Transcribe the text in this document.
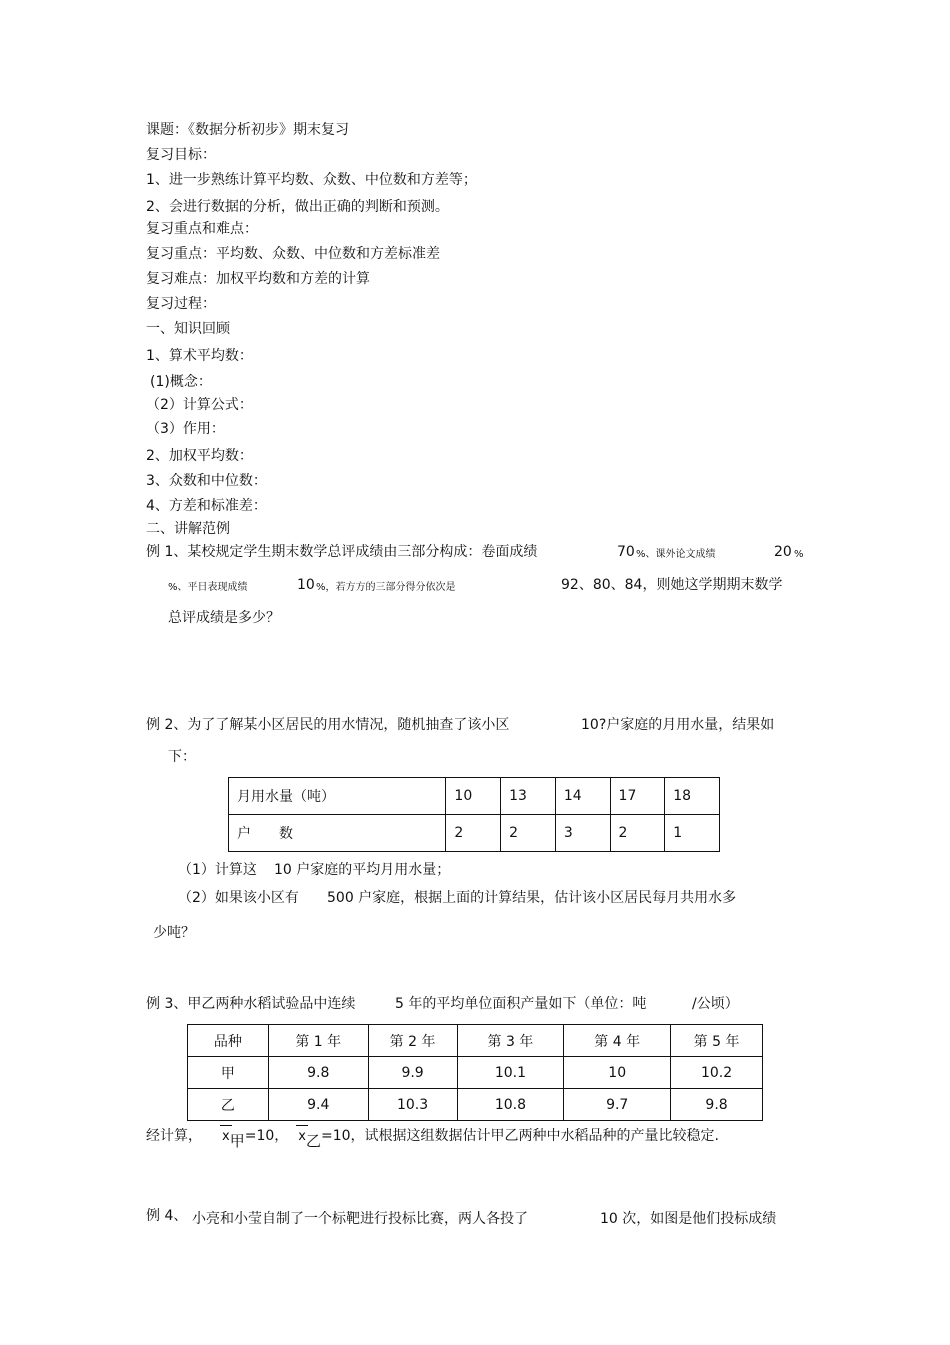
课题：《数据分析初步》期末复习
复习目标：
1、进一步熟练计算平均数、众数、中位数和方差等；
2、会进行数据的分析，做出正确的判断和预测。
复习重点和难点：
复习重点：平均数、众数、中位数和方差标准差
复习难点：加权平均数和方差的计算
复习过程：
一、知识回顾
1、算术平均数：
(1)概念：
（2）计算公式：
（3）作用：
2、加权平均数：
3、众数和中位数：
4、方差和标准差：
二、讲解范例
例 1、某校规定学生期末数学总评成绩由三部分构成：卷面成绩	70 %、课外论文成绩	20 %
%、平日表现成绩	10 %，若方方的三部分得分依次是	92、80、84，则她这学期期末数学
总评成绩是多少？
例 2、为了了解某小区居民的用水情况，随机抽查了该小区	10?户家庭的月用水量，结果如
下：
月用水量（吨）	10	13	14	17	18
户　　数	2	2	3	2	1
（1）计算这 10 户家庭的平均月用水量；
（2）如果该小区有 500 户家庭，根据上面的计算结果，估计该小区居民每月共用水多
少吨？
例 3、甲乙两种水稻试验品中连续	5 年的平均单位面积产量如下（单位：吨	/公顷）
品种	第 1 年	第 2 年	第 3 年	第 4 年	第 5 年
甲	9.8	9.9	10.1	10	10.2
乙	9.4	10.3	10.8	9.7	9.8
经计算， x甲=10， x乙=10，试根据这组数据估计甲乙两种中水稻品种的产量比较稳定.
例 4、 小亮和小莹自制了一个标靶进行投标比赛，两人各投了	10 次，如图是他们投标成绩
